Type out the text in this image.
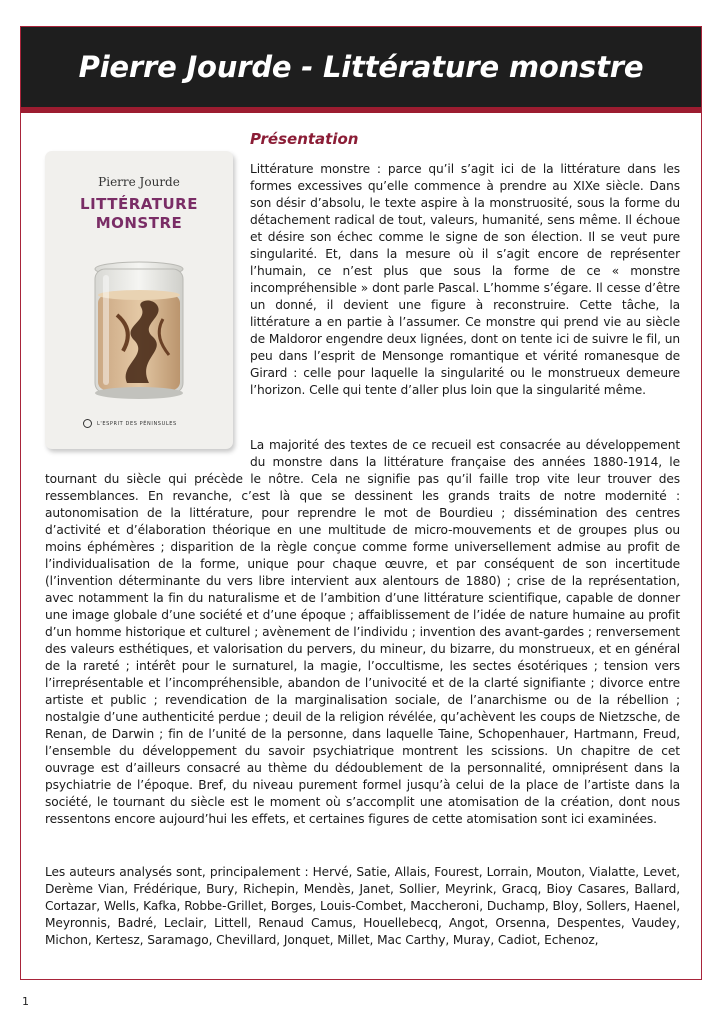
Pierre Jourde - Littérature monstre
Pierre Jourde
LITTÉRATURE
MONSTRE
L'ESPRIT DES PÉNINSULES
Présentation

Littérature monstre : parce qu’il s’agit ici de la littérature dans les formes excessives qu’elle commence à prendre au XIXe siècle. Dans son désir d’absolu, le texte aspire à la monstruosité, sous la forme du détachement radical de tout, valeurs, humanité, sens même. Il échoue et désire son échec comme le signe de son élection. Il se veut pure singularité. Et, dans la mesure où il s’agit encore de représenter l’humain, ce n’est plus que sous la forme de ce « monstre incompréhensible » dont parle Pascal. L’homme s’égare. Il cesse d’être un donné, il devient une figure à reconstruire. Cette tâche, la littérature a en partie à l’assumer. Ce monstre qui prend vie au siècle de Maldoror engendre deux lignées, dont on tente ici de suivre le fil, un peu dans l’esprit de Mensonge romantique et vérité romanesque de Girard : celle pour laquelle la singularité ou le monstrueux demeure l’horizon. Celle qui tente d’aller plus loin que la singularité même.

La majorité des textes de ce recueil est consacrée au développement du monstre dans la littérature française des années 1880-1914, le tournant du siècle qui précède le nôtre. Cela ne signifie pas qu’il faille trop vite leur trouver des ressemblances. En revanche, c’est là que se dessinent les grands traits de notre modernité : autonomisation de la littérature, pour reprendre le mot de Bourdieu ; dissémination des centres d’activité et d’élaboration théorique en une multitude de micro-mouvements et de groupes plus ou moins éphémères ; disparition de la règle conçue comme forme universellement admise au profit de l’individualisation de la forme, unique pour chaque œuvre, et par conséquent de son incertitude (l’invention déterminante du vers libre intervient aux alentours de 1880) ; crise de la représentation, avec notamment la fin du naturalisme et de l’ambition d’une littérature scientifique, capable de donner une image globale d’une société et d’une époque ; affaiblissement de l’idée de nature humaine au profit d’un homme historique et culturel ; avènement de l’individu ; invention des avant-gardes ; renversement des valeurs esthétiques, et valorisation du pervers, du mineur, du bizarre, du monstrueux, et en général de la rareté ; intérêt pour le surnaturel, la magie, l’occultisme, les sectes ésotériques ; tension vers l’irreprésentable et l’incompréhensible, abandon de l’univocité et de la clarté signifiante ; divorce entre artiste et public ; revendication de la marginalisation sociale, de l’anarchisme ou de la rébellion ; nostalgie d’une authenticité perdue ; deuil de la religion révélée, qu’achèvent les coups de Nietzsche, de Renan, de Darwin ; fin de l’unité de la personne, dans laquelle Taine, Schopenhauer, Hartmann, Freud, l’ensemble du développement du savoir psychiatrique montrent les scissions. Un chapitre de cet ouvrage est d’ailleurs consacré au thème du dédoublement de la personnalité, omniprésent dans la psychiatrie de l’époque. Bref, du niveau purement formel jusqu’à celui de la place de l’artiste dans la société, le tournant du siècle est le moment où s’accomplit une atomisation de la création, dont nous ressentons encore aujourd’hui les effets, et certaines figures de cette atomisation sont ici examinées.

Les auteurs analysés sont, principalement : Hervé, Satie, Allais, Fourest, Lorrain, Mouton, Vialatte, Levet, Derème Vian, Frédérique, Bury, Richepin, Mendès, Janet, Sollier, Meyrink, Gracq, Bioy Casares, Ballard, Cortazar, Wells, Kafka, Robbe-Grillet, Borges, Louis-Combet, Maccheroni, Duchamp, Bloy, Sollers, Haenel, Meyronnis, Badré, Leclair, Littell, Renaud Camus, Houellebecq, Angot, Orsenna, Despentes, Vaudey, Michon, Kertesz, Saramago, Chevillard, Jonquet, Millet, Mac Carthy, Muray, Cadiot, Echenoz,

1
